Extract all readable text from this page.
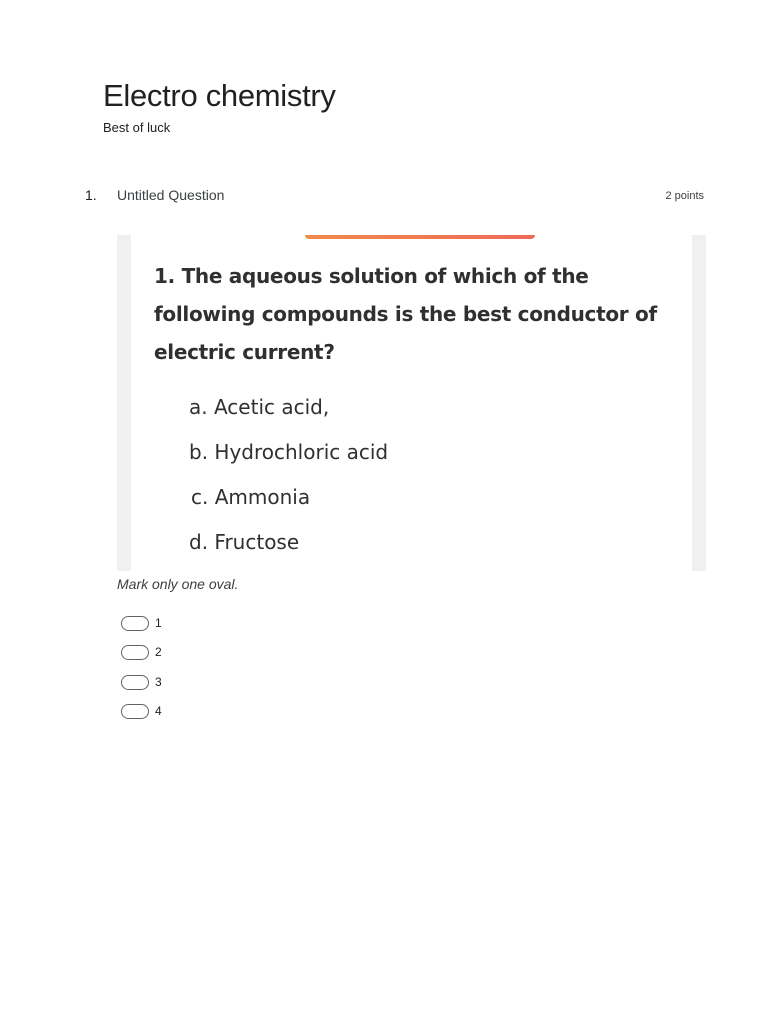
Electro chemistry
Best of luck
1. Untitled Question	2 points
1. The aqueous solution of which of the following compounds is the best conductor of electric current?
a. Acetic acid,
b. Hydrochloric acid
c. Ammonia
d. Fructose
Mark only one oval.
1
2
3
4
